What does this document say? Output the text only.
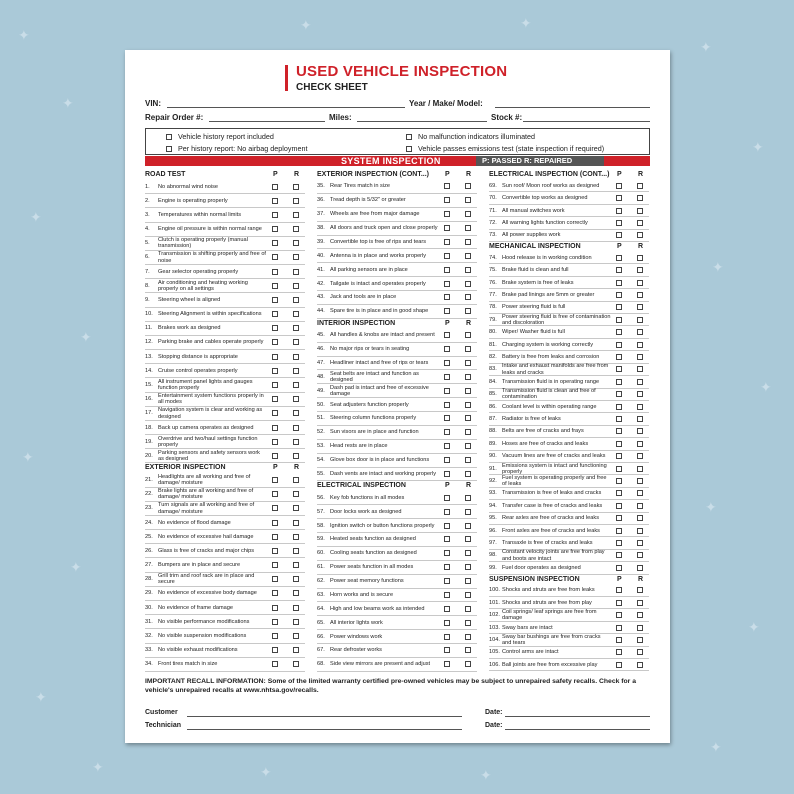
✦
✦
✦
✦
✦
✦
✦
✦
✦
✦
✦
✦
✦
✦
✦
✦	✦
✦	✦
USED VEHICLE INSPECTION
CHECK SHEET
VIN:	Year / Make/ Model:
Repair Order #:	Miles:	Stock #:
Vehicle history report included
Per history report: No airbag deployment
No malfunction indicators illuminated
Vehicle passes emissions test (state inspection if required)
SYSTEM INSPECTION	P: PASSED R: REPAIRED
ROAD TEST	P R
1. No abnormal wind noise
2. Engine is operating properly
3. Temperatures within normal limits
4. Engine oil pressure is within normal range
5.
Clutch is operating properly (manual transmission)
6.
Transmission is shifting properly and free of noise
7. Gear selector operating properly
8.
Air conditioning and heating working properly on all settings
9. Steering wheel is aligned
10. Steering Alignment is within specifications
11. Brakes work as designed
12. Parking brake and cables operate properly
13. Stopping distance is appropriate
14. Cruise control operates properly
15.
All instrument panel lights and gauges function properly
16.
Entertainment system functions properly in all modes
17.
Navigation system is clear and working as designed
18. Back up camera operates as designed
19.
Overdrive and two/haul settings function properly
20.
Parking sensors and safety sensors work as designed
EXTERIOR INSPECTION	P R
21.
Headlights are all working and free of damage/ moisture
22.
Brake lights are all working and free of damage/ moisture
23.
Turn signals are all working and free of damage/ moisture
24. No evidence of flood damage
25. No evidence of excessive hail damage
26. Glass is free of cracks and major chips
27. Bumpers are in place and secure
28.
Grill trim and roof rack are in place and secure
29. No evidence of excessive body damage
30. No evidence of frame damage
31. No visible performance modifications
32. No visible suspension modifications
33. No visible exhaust modifications
34. Front tires match in size
EXTERIOR INSPECTION (CONT...) P R
35. Rear Tires match in size
36. Tread depth is 5/32" or greater
37. Wheels are free from major damage
38. All doors and truck open and close properly
39. Convertible top is free of rips and tears
40. Antenna is in place and works properly
41. All parking sensors are in place
42. Tailgate is intact and operates properly
43. Jack and tools are in place
44. Spare tire is in place and in good shape
INTERIOR INSPECTION	P R
45. All handles & knobs are intact and present
46. No major rips or tears in seating
47. Headliner intact and free of rips or tears
48.
Seat belts are intact and function as designed
49.
Dash pad is intact and free of excessive damage
50. Seat adjusters function properly
51. Steering column functions properly
52. Sun visors are in place and function
53. Head rests are in place
54. Glove box door is in place and functions
55. Dash vents are intact and working properly
ELECTRICAL INSPECTION	P R
56. Key fob functions in all modes
57. Door locks work as designed
58. Ignition switch or button functions properly
59. Heated seats function as designed
60. Cooling seats function as designed
61. Power seats function in all modes
62. Power seat memory functions
63. Horn works and is secure
64. High and low beams work as intended
65. All interior lights work
66. Power windows work
67. Rear defroster works
68. Side view mirrors are present and adjust
ELECTRICAL INSPECTION (CONT...) P R
69. Sun roof/ Moon roof works as designed
70. Convertible top works as designed
71. All manual switches work
72. All warning lights function correctly
73. All power supplies work
MECHANICAL INSPECTION	P R
74. Hood release is in working condition
75. Brake fluid is clean and full
76. Brake system is free of leaks
77. Brake pad linings are 5mm or greater
78. Power steering fluid is full
79.
Power steering fluid is free of contamination and discoloration
80. Wiper/ Washer fluid is full
81. Charging system is working correctly
82. Battery is free from leaks and corrosion
83.
Intake and exhaust manifolds are free from leaks and cracks
84. Transmission fluid is in operating range
85.
Transmission fluid is clean and free of contamination
86. Coolant level is within operating range
87. Radiator is free of leaks
88. Belts are free of cracks and frays
89. Hoses are free of cracks and leaks
90. Vacuum lines are free of cracks and leaks
91.
Emissions system is intact and functioning properly
92.
Fuel system is operating properly and free of leaks
93. Transmission is free of leaks and cracks
94. Transfer case is free of cracks and leaks
95. Rear axles are free of cracks and leaks
96. Front axles are free of cracks and leaks
97. Transaxle is free of cracks and leaks
98.
Constant velocity joints are free from play and boots are intact
99. Fuel door operates as designed
SUSPENSION INSPECTION	P R
100. Shocks and struts are free from leaks
101. Shocks and struts are free from play
102.
Coil springs/ leaf springs are free from damage
103. Sway bars are intact
104.
Sway bar bushings are free from cracks and tears
105. Control arms are intact
106. Ball joints are free from excessive play
IMPORTANT RECALL INFORMATION: Some of the limited warranty certified pre-owned vehicles may be subject to unrepaired safety recalls. Check for a vehicle's unrepaired recalls at www.nhtsa.gov/recalls.
Customer	Date:
Technician	Date:
